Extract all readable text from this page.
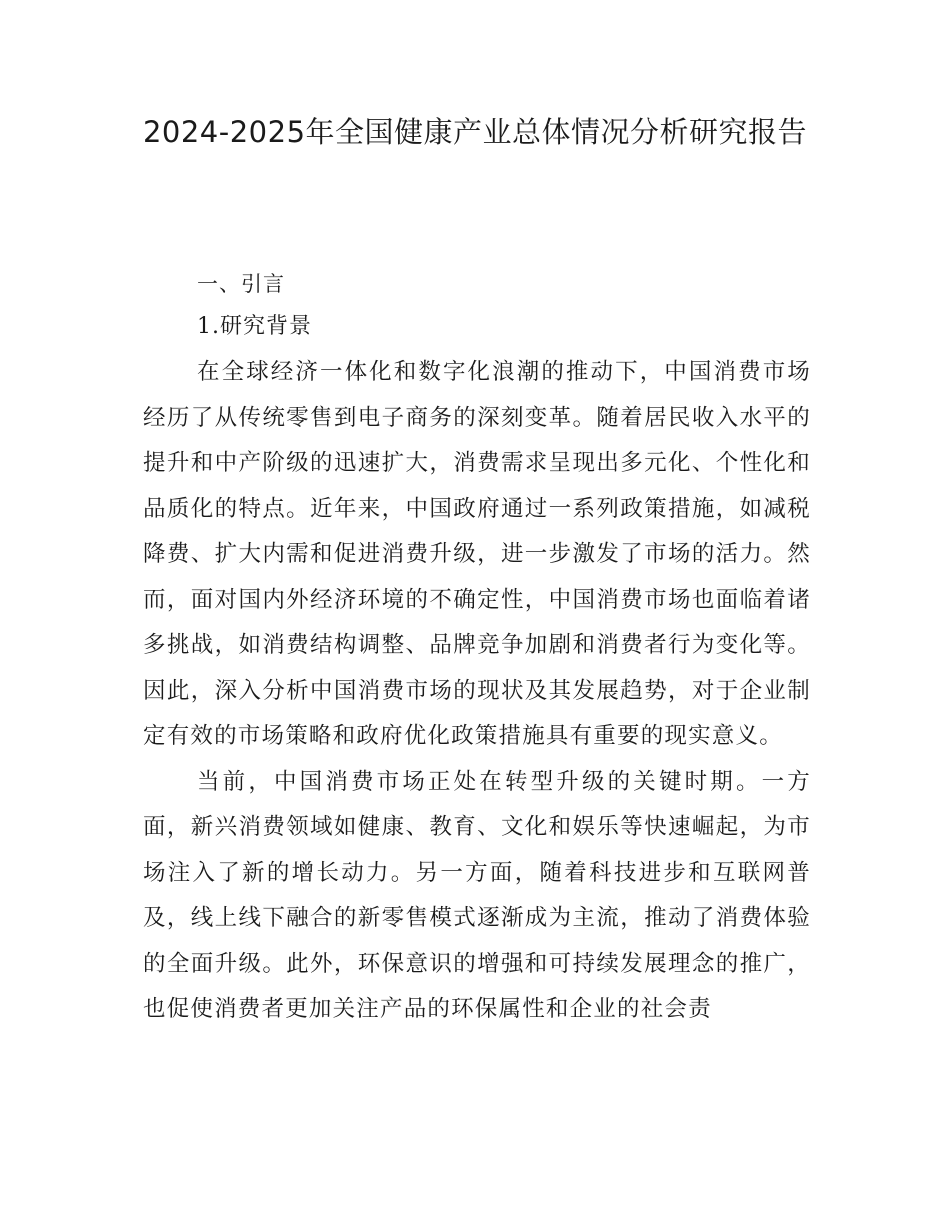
2024-2025年全国健康产业总体情况分析研究报告

一、引言

1.研究背景

在全球经济一体化和数字化浪潮的推动下，中国消费市场经历了从传统零售到电子商务的深刻变革。随着居民收入水平的提升和中产阶级的迅速扩大，消费需求呈现出多元化、个性化和品质化的特点。近年来，中国政府通过一系列政策措施，如减税降费、扩大内需和促进消费升级，进一步激发了市场的活力。然而，面对国内外经济环境的不确定性，中国消费市场也面临着诸多挑战，如消费结构调整、品牌竞争加剧和消费者行为变化等。因此，深入分析中国消费市场的现状及其发展趋势，对于企业制定有效的市场策略和政府优化政策措施具有重要的现实意义。

当前，中国消费市场正处在转型升级的关键时期。一方面，新兴消费领域如健康、教育、文化和娱乐等快速崛起，为市场注入了新的增长动力。另一方面，随着科技进步和互联网普及，线上线下融合的新零售模式逐渐成为主流，推动了消费体验的全面升级。此外，环保意识的增强和可持续发展理念的推广，也促使消费者更加关注产品的环保属性和企业的社会责
